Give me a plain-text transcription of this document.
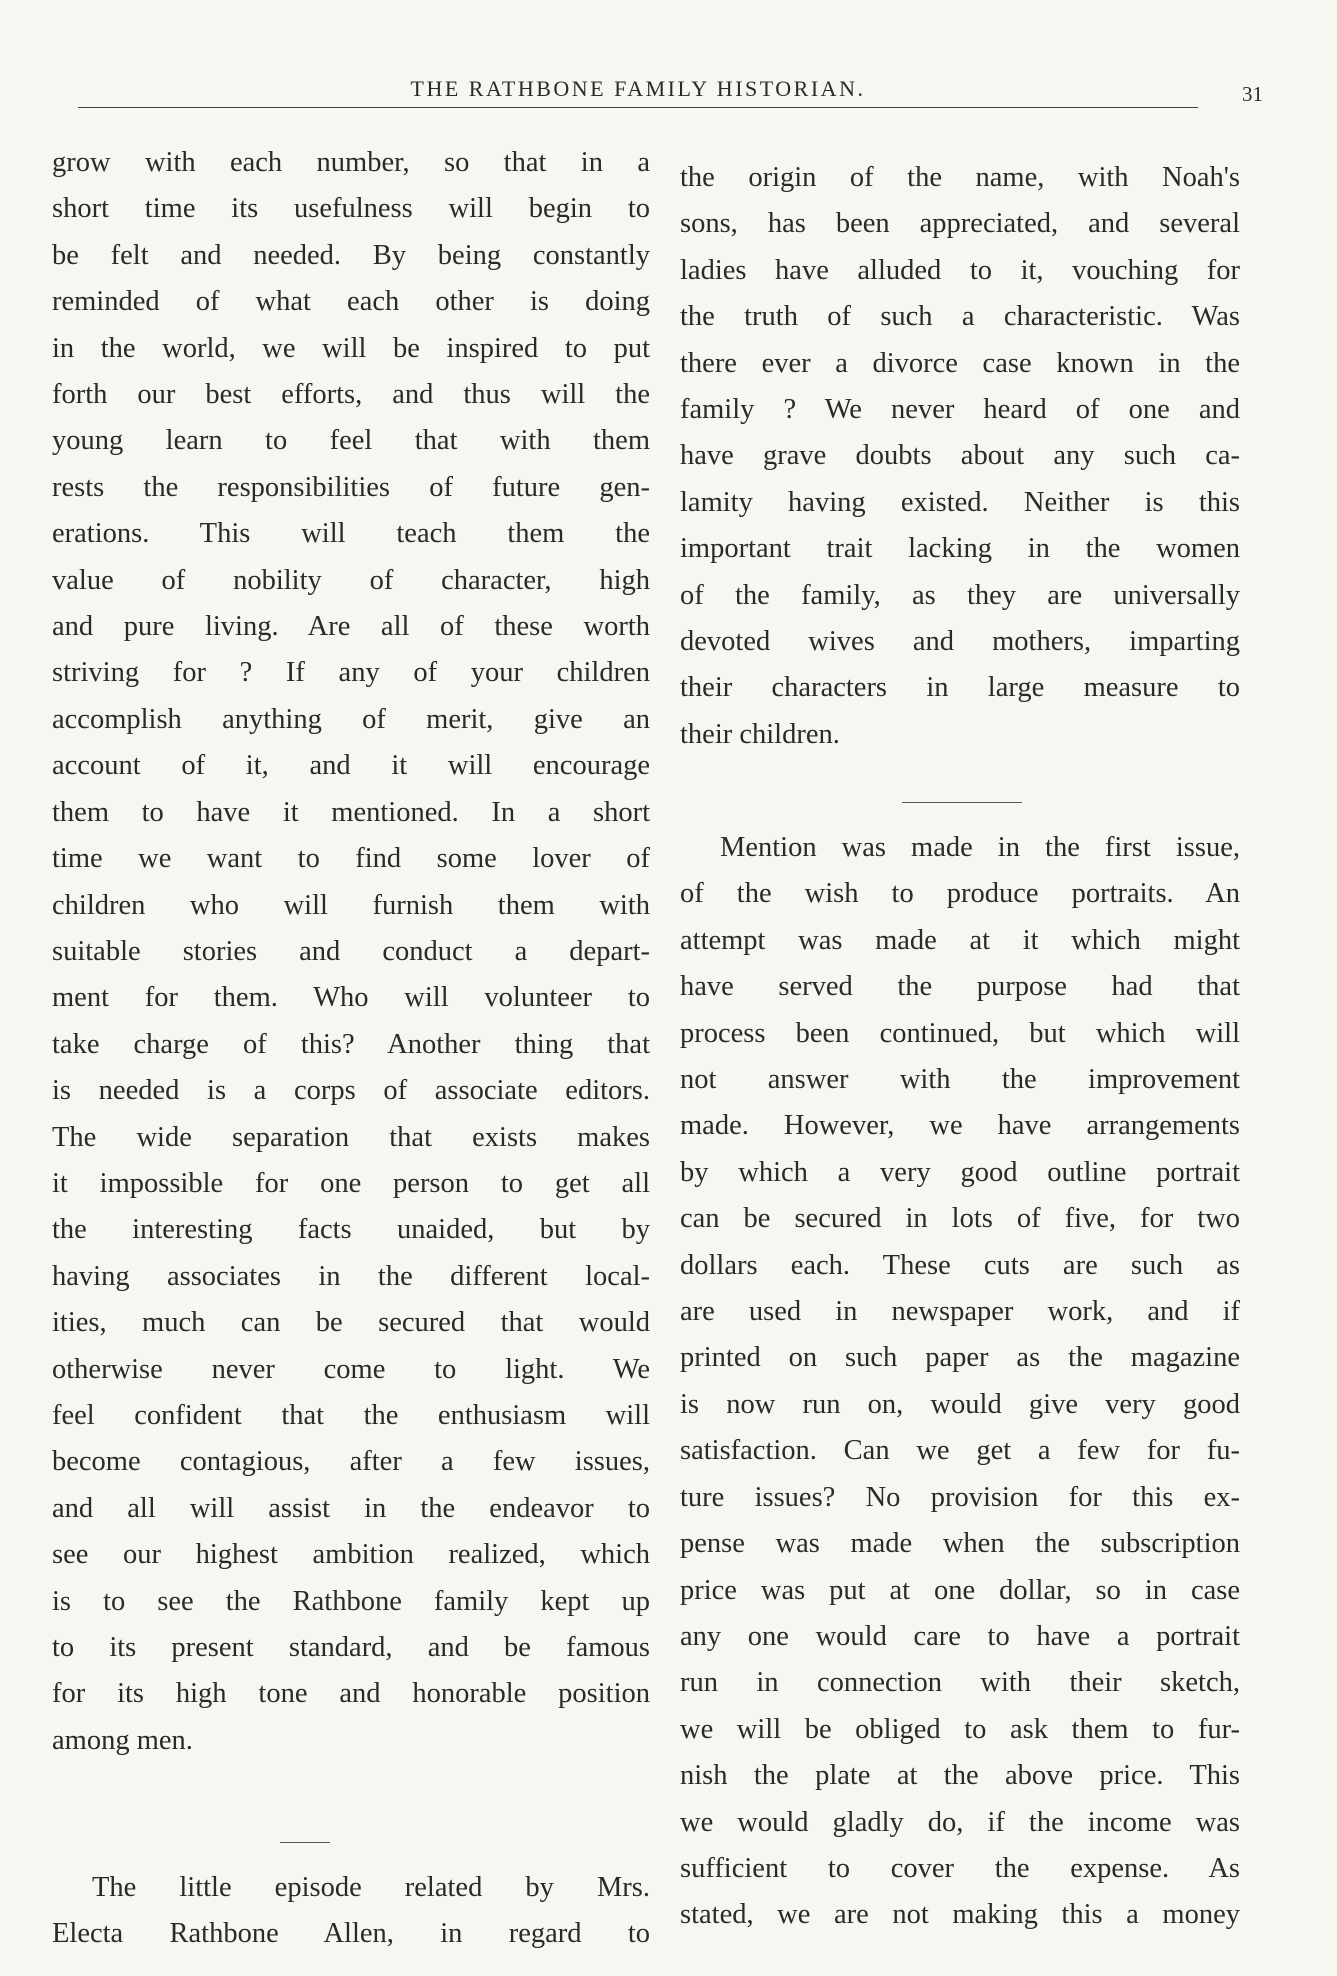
THE RATHBONE FAMILY HISTORIAN.	31

grow with each number, so that in a
short time its usefulness will begin to
be felt and needed. By being constantly
reminded of what each other is doing
in the world, we will be inspired to put
forth our best efforts, and thus will the
young learn to feel that with them
rests the responsibilities of future gen-
erations. This will teach them the
value of nobility of character, high
and pure living. Are all of these worth
striving for ? If any of your children
accomplish anything of merit, give an
account of it, and it will encourage
them to have it mentioned. In a short
time we want to find some lover of
children who will furnish them with
suitable stories and conduct a depart-
ment for them. Who will volunteer to
take charge of this? Another thing that
is needed is a corps of associate editors.
The wide separation that exists makes
it impossible for one person to get all
the interesting facts unaided, but by
having associates in the different local-
ities, much can be secured that would
otherwise never come to light. We
feel confident that the enthusiasm will
become contagious, after a few issues,
and all will assist in the endeavor to
see our highest ambition realized, which
is to see the Rathbone family kept up
to its present standard, and be famous
for its high tone and honorable position
among men.

The little episode related by Mrs.
Electa Rathbone Allen, in regard to

the origin of the name, with Noah's
sons, has been appreciated, and several
ladies have alluded to it, vouching for
the truth of such a characteristic. Was
there ever a divorce case known in the
family ? We never heard of one and
have grave doubts about any such ca-
lamity having existed. Neither is this
important trait lacking in the women
of the family, as they are universally
devoted wives and mothers, imparting
their characters in large measure to
their children.

Mention was made in the first issue,
of the wish to produce portraits. An
attempt was made at it which might
have served the purpose had that
process been continued, but which will
not answer with the improvement
made. However, we have arrangements
by which a very good outline portrait
can be secured in lots of five, for two
dollars each. These cuts are such as
are used in newspaper work, and if
printed on such paper as the magazine
is now run on, would give very good
satisfaction. Can we get a few for fu-
ture issues? No provision for this ex-
pense was made when the subscription
price was put at one dollar, so in case
any one would care to have a portrait
run in connection with their sketch,
we will be obliged to ask them to fur-
nish the plate at the above price. This
we would gladly do, if the income was
sufficient to cover the expense. As
stated, we are not making this a money
